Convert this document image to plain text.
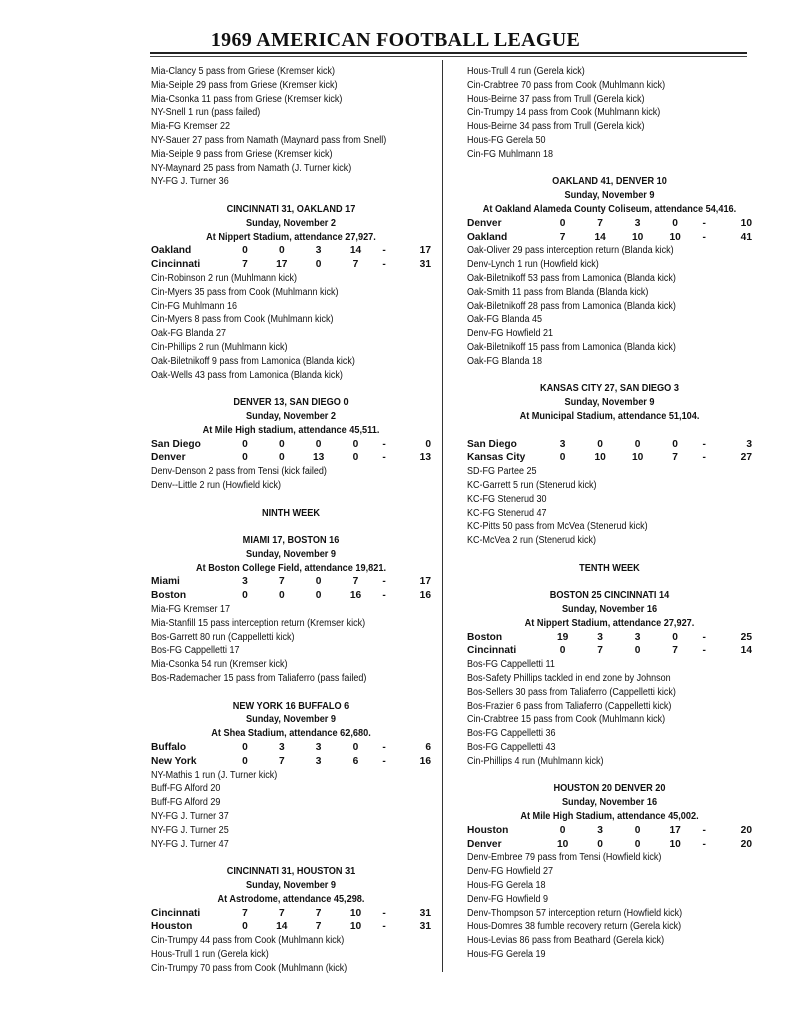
1969 AMERICAN FOOTBALL LEAGUE
Mia-Clancy 5 pass from Griese (Kremser kick)
Mia-Seiple 29 pass from Griese (Kremser kick)
Mia-Csonka 11 pass from Griese (Kremser kick)
NY-Snell 1 run (pass failed)
Mia-FG Kremser 22
NY-Sauer 27 pass from Namath (Maynard pass from Snell)
Mia-Seiple 9 pass from Griese (Kremser kick)
NY-Maynard 25 pass from Namath (J. Turner kick)
NY-FG J. Turner 36
CINCINNATI 31, OAKLAND 17
Sunday, November 2
At Nippert Stadium, attendance 27,927.
Oakland	0	0	3	14	-	17
Cincinnati	7	17	0	7	-	31
Cin-Robinson 2 run (Muhlmann kick)
Cin-Myers 35 pass from Cook (Muhlmann kick)
Cin-FG Muhlmann 16
Cin-Myers 8 pass from Cook (Muhlmann kick)
Oak-FG Blanda 27
Cin-Phillips 2 run (Muhlmann kick)
Oak-Biletnikoff 9 pass from Lamonica (Blanda kick)
Oak-Wells 43 pass from Lamonica (Blanda kick)
DENVER 13, SAN DIEGO 0
Sunday, November 2
At Mile High stadium, attendance 45,511.
San Diego	0	0	0	0	-	0
Denver	0	0	13	0	-	13
Denv-Denson 2 pass from Tensi (kick failed)
Denv--Little 2 run (Howfield kick)
NINTH WEEK
MIAMI 17, BOSTON 16
Sunday, November 9
At Boston College Field, attendance 19,821.
Miami	3	7	0	7	-	17
Boston	0	0	0	16	-	16
Mia-FG Kremser 17
Mia-Stanfill 15 pass interception return (Kremser kick)
Bos-Garrett 80 run (Cappelletti kick)
Bos-FG Cappelletti 17
Mia-Csonka 54 run (Kremser kick)
Bos-Rademacher 15 pass from Taliaferro (pass failed)
NEW YORK 16 BUFFALO 6
Sunday, November 9
At Shea Stadium, attendance 62,680.
Buffalo	0	3	3	0	-	6
New York	0	7	3	6	-	16
NY-Mathis 1 run (J. Turner kick)
Buff-FG Alford 20
Buff-FG Alford 29
NY-FG J. Turner 37
NY-FG J. Turner 25
NY-FG J. Turner 47
CINCINNATI 31, HOUSTON 31
Sunday, November 9
At Astrodome, attendance 45,298.
Cincinnati	7	7	7	10	-	31
Houston	0	14	7	10	-	31
Cin-Trumpy 44 pass from Cook (Muhlmann kick)
Hous-Trull 1 run (Gerela kick)
Cin-Trumpy 70 pass from Cook (Muhlmann (kick)
Hous-Trull 4 run (Gerela kick)
Cin-Crabtree 70 pass from Cook (Muhlmann kick)
Hous-Beirne 37 pass from Trull (Gerela kick)
Cin-Trumpy 14 pass from Cook (Muhlmann kick)
Hous-Beirne 34 pass from Trull (Gerela kick)
Hous-FG Gerela 50
Cin-FG Muhlmann 18
OAKLAND 41, DENVER 10
Sunday, November 9
At Oakland Alameda County Coliseum, attendance 54,416.
Denver	0	7	3	0	-	10
Oakland	7	14	10	10	-	41
Oak-Oliver 29 pass interception return (Blanda kick)
Denv-Lynch 1 run (Howfield kick)
Oak-Biletnikoff 53 pass from Lamonica (Blanda kick)
Oak-Smith 11 pass from Blanda (Blanda kick)
Oak-Biletnikoff 28 pass from Lamonica (Blanda kick)
Oak-FG Blanda 45
Denv-FG Howfield 21
Oak-Biletnikoff 15 pass from Lamonica (Blanda kick)
Oak-FG Blanda 18
KANSAS CITY 27, SAN DIEGO 3
Sunday, November 9
At Municipal Stadium, attendance 51,104.
San Diego	3	0	0	0	-	3
Kansas City	0	10	10	7	-	27
SD-FG Partee 25
KC-Garrett 5 run (Stenerud kick)
KC-FG Stenerud 30
KC-FG Stenerud 47
KC-Pitts 50 pass from McVea (Stenerud kick)
KC-McVea 2 run (Stenerud kick)
TENTH WEEK
BOSTON 25 CINCINNATI 14
Sunday, November 16
At Nippert Stadium, attendance 27,927.
Boston	19	3	3	0	-	25
Cincinnati	0	7	0	7	-	14
Bos-FG Cappelletti 11
Bos-Safety Phillips tackled in end zone by Johnson
Bos-Sellers 30 pass from Taliaferro (Cappelletti kick)
Bos-Frazier 6 pass from Taliaferro (Cappelletti kick)
Cin-Crabtree 15 pass from Cook (Muhlmann kick)
Bos-FG Cappelletti 36
Bos-FG Cappelletti 43
Cin-Phillips 4 run (Muhlmann kick)
HOUSTON 20 DENVER 20
Sunday, November 16
At Mile High Stadium, attendance 45,002.
Houston	0	3	0	17	-	20
Denver	10	0	0	10	-	20
Denv-Embree 79 pass from Tensi (Howfield kick)
Denv-FG Howfield 27
Hous-FG Gerela 18
Denv-FG Howfield 9
Denv-Thompson 57 interception return (Howfield kick)
Hous-Domres 38 fumble recovery return (Gerela kick)
Hous-Levias 86 pass from Beathard (Gerela kick)
Hous-FG Gerela 19
